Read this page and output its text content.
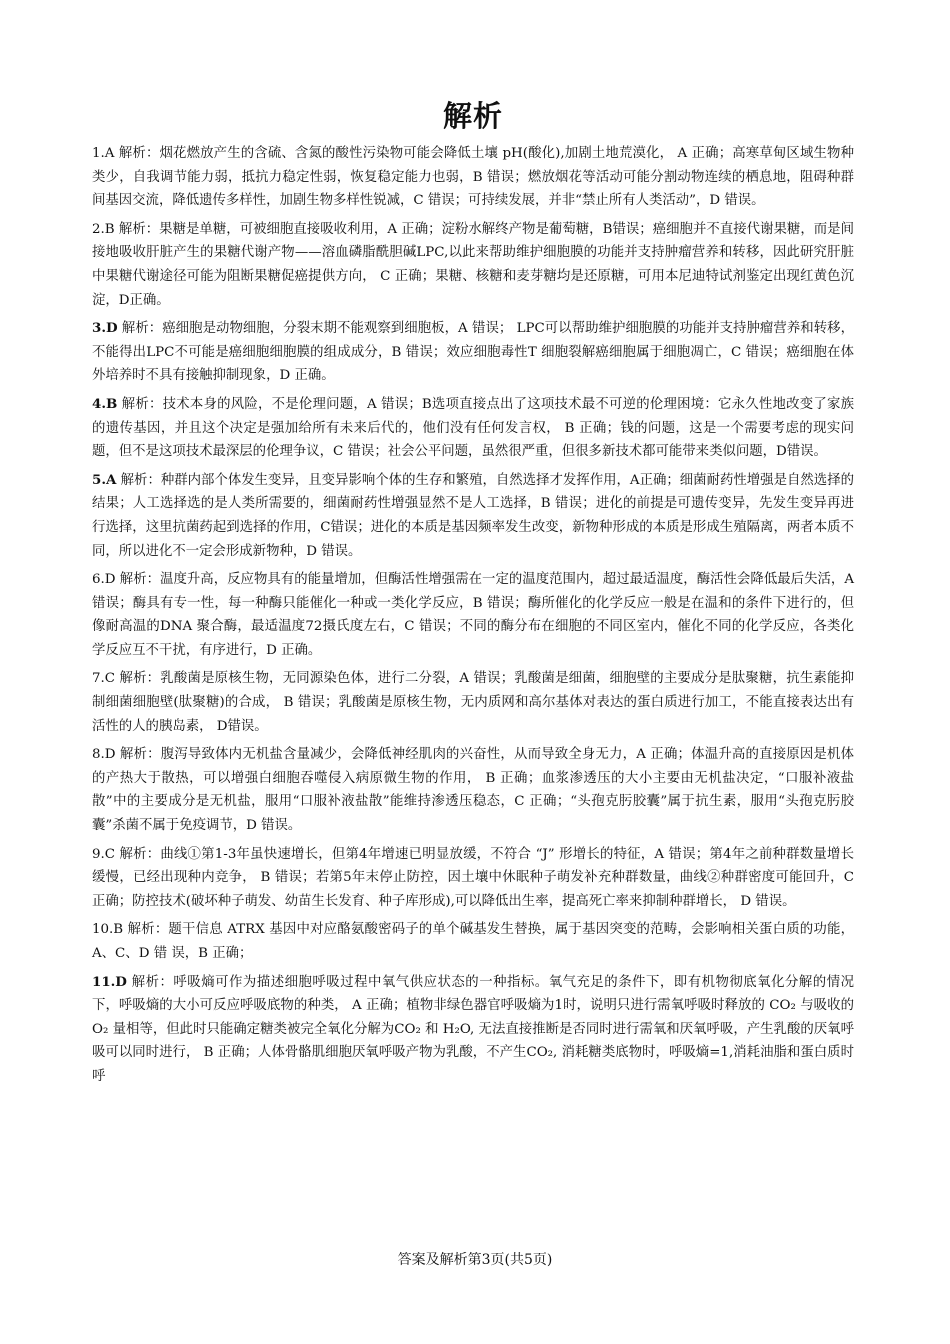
解析

1.A 解析：烟花燃放产生的含硫、含氮的酸性污染物可能会降低土壤 pH(酸化),加剧土地荒漠化， A 正确；高寒草甸区域生物种类少，自我调节能力弱，抵抗力稳定性弱，恢复稳定能力也弱，B 错误；燃放烟花等活动可能分割动物连续的栖息地，阻碍种群间基因交流，降低遗传多样性，加剧生物多样性锐减，C 错误；可持续发展，并非“禁止所有人类活动”，D 错误。

2.B 解析：果糖是单糖，可被细胞直接吸收利用，A 正确；淀粉水解终产物是葡萄糖，B错误；癌细胞并不直接代谢果糖，而是间接地吸收肝脏产生的果糖代谢产物——溶血磷脂酰胆碱LPC,以此来帮助维护细胞膜的功能并支持肿瘤营养和转移，因此研究肝脏中果糖代谢途径可能为阻断果糖促癌提供方向， C 正确；果糖、核糖和麦芽糖均是还原糖，可用本尼迪特试剂鉴定出现红黄色沉淀，D正确。

3.D 解析：癌细胞是动物细胞，分裂末期不能观察到细胞板，A 错误； LPC可以帮助维护细胞膜的功能并支持肿瘤营养和转移，不能得出LPC不可能是癌细胞细胞膜的组成成分，B 错误；效应细胞毒性T 细胞裂解癌细胞属于细胞凋亡，C 错误；癌细胞在体外培养时不具有接触抑制现象，D 正确。

4.B 解析：技术本身的风险，不是伦理问题，A 错误；B选项直接点出了这项技术最不可逆的伦理困境：它永久性地改变了家族的遗传基因，并且这个决定是强加给所有未来后代的，他们没有任何发言权， B 正确；钱的问题，这是一个需要考虑的现实问题，但不是这项技术最深层的伦理争议，C 错误；社会公平问题，虽然很严重，但很多新技术都可能带来类似问题，D错误。

5.A 解析：种群内部个体发生变异，且变异影响个体的生存和繁殖，自然选择才发挥作用，A正确；细菌耐药性增强是自然选择的结果；人工选择选的是人类所需要的，细菌耐药性增强显然不是人工选择，B 错误；进化的前提是可遗传变异，先发生变异再进行选择，这里抗菌药起到选择的作用，C错误；进化的本质是基因频率发生改变，新物种形成的本质是形成生殖隔离，两者本质不同，所以进化不一定会形成新物种，D 错误。

6.D 解析：温度升高，反应物具有的能量增加，但酶活性增强需在一定的温度范围内，超过最适温度，酶活性会降低最后失活，A 错误；酶具有专一性，每一种酶只能催化一种或一类化学反应，B 错误；酶所催化的化学反应一般是在温和的条件下进行的，但像耐高温的DNA 聚合酶，最适温度72摄氏度左右，C 错误；不同的酶分布在细胞的不同区室内，催化不同的化学反应，各类化学反应互不干扰，有序进行，D 正确。

7.C 解析：乳酸菌是原核生物，无同源染色体，进行二分裂，A 错误；乳酸菌是细菌，细胞壁的主要成分是肽聚糖，抗生素能抑制细菌细胞壁(肽聚糖)的合成， B 错误；乳酸菌是原核生物，无内质网和高尔基体对表达的蛋白质进行加工，不能直接表达出有活性的人的胰岛素， D错误。

8.D 解析：腹泻导致体内无机盐含量减少，会降低神经肌肉的兴奋性，从而导致全身无力，A 正确；体温升高的直接原因是机体的产热大于散热，可以增强白细胞吞噬侵入病原微生物的作用， B 正确；血浆渗透压的大小主要由无机盐决定，“口服补液盐散”中的主要成分是无机盐，服用“口服补液盐散”能维持渗透压稳态，C 正确；“头孢克肟胶囊”属于抗生素，服用“头孢克肟胶囊”杀菌不属于免疫调节，D 错误。

9.C 解析：曲线①第1-3年虽快速增长，但第4年增速已明显放缓，不符合 “J” 形增长的特征，A 错误；第4年之前种群数量增长缓慢，已经出现种内竞争， B 错误；若第5年末停止防控，因土壤中休眠种子萌发补充种群数量，曲线②种群密度可能回升，C 正确；防控技术(破坏种子萌发、幼苗生长发育、种子库形成),可以降低出生率，提高死亡率来抑制种群增长， D 错误。

10.B 解析：题干信息 ATRX 基因中对应酪氨酸密码子的单个碱基发生替换，属于基因突变的范畴，会影响相关蛋白质的功能，A、C、D 错 误，B 正确；

11.D 解析：呼吸熵可作为描述细胞呼吸过程中氧气供应状态的一种指标。氧气充足的条件下，即有机物彻底氧化分解的情况下，呼吸熵的大小可反应呼吸底物的种类， A 正确；植物非绿色器官呼吸熵为1时，说明只进行需氧呼吸时释放的 CO₂ 与吸收的 O₂ 量相等，但此时只能确定糖类被完全氧化分解为CO₂ 和 H₂O, 无法直接推断是否同时进行需氧和厌氧呼吸，产生乳酸的厌氧呼吸可以同时进行， B 正确；人体骨骼肌细胞厌氧呼吸产物为乳酸，不产生CO₂, 消耗糖类底物时，呼吸熵=1,消耗油脂和蛋白质时呼

答案及解析第3页(共5页)
